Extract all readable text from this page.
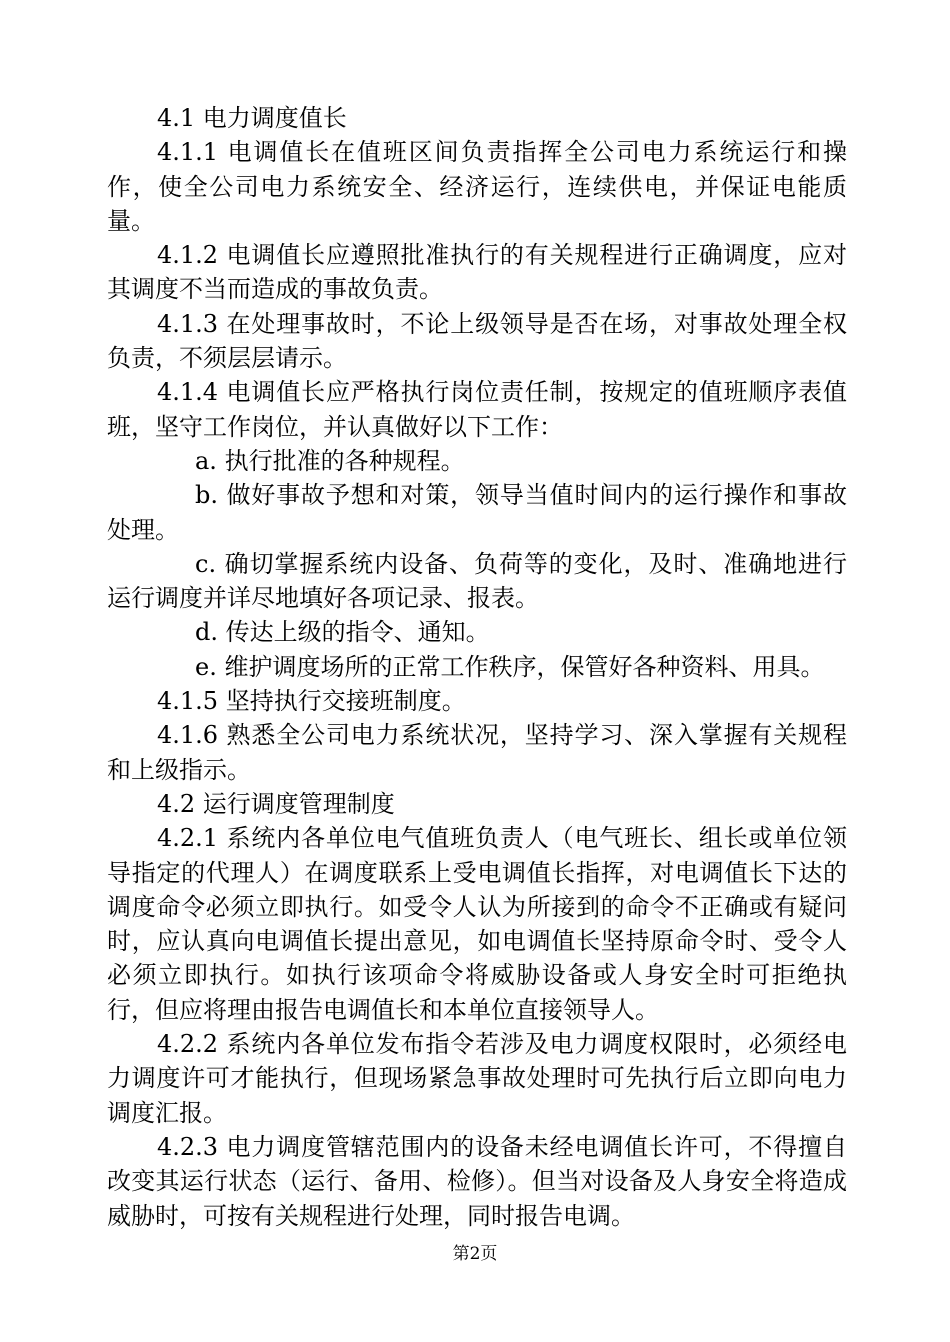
4.1 电力调度值长

4.1.1 电调值长在值班区间负责指挥全公司电力系统运行和操作，使全公司电力系统安全、经济运行，连续供电，并保证电能质量。

4.1.2 电调值长应遵照批准执行的有关规程进行正确调度，应对其调度不当而造成的事故负责。

4.1.3 在处理事故时，不论上级领导是否在场，对事故处理全权负责，不须层层请示。

4.1.4 电调值长应严格执行岗位责任制，按规定的值班顺序表值班，坚守工作岗位，并认真做好以下工作：

a. 执行批准的各种规程。

b. 做好事故予想和对策，领导当值时间内的运行操作和事故处理。

c. 确切掌握系统内设备、负荷等的变化，及时、准确地进行运行调度并详尽地填好各项记录、报表。

d. 传达上级的指令、通知。

e. 维护调度场所的正常工作秩序，保管好各种资料、用具。

4.1.5 坚持执行交接班制度。

4.1.6 熟悉全公司电力系统状况，坚持学习、深入掌握有关规程和上级指示。

4.2 运行调度管理制度

4.2.1 系统内各单位电气值班负责人（电气班长、组长或单位领导指定的代理人）在调度联系上受电调值长指挥，对电调值长下达的调度命令必须立即执行。如受令人认为所接到的命令不正确或有疑问时，应认真向电调值长提出意见，如电调值长坚持原命令时、受令人必须立即执行。如执行该项命令将威胁设备或人身安全时可拒绝执行，但应将理由报告电调值长和本单位直接领导人。

4.2.2 系统内各单位发布指令若涉及电力调度权限时，必须经电力调度许可才能执行，但现场紧急事故处理时可先执行后立即向电力调度汇报。

4.2.3 电力调度管辖范围内的设备未经电调值长许可，不得擅自改变其运行状态（运行、备用、检修）。但当对设备及人身安全将造成威胁时，可按有关规程进行处理，同时报告电调。

第2页
